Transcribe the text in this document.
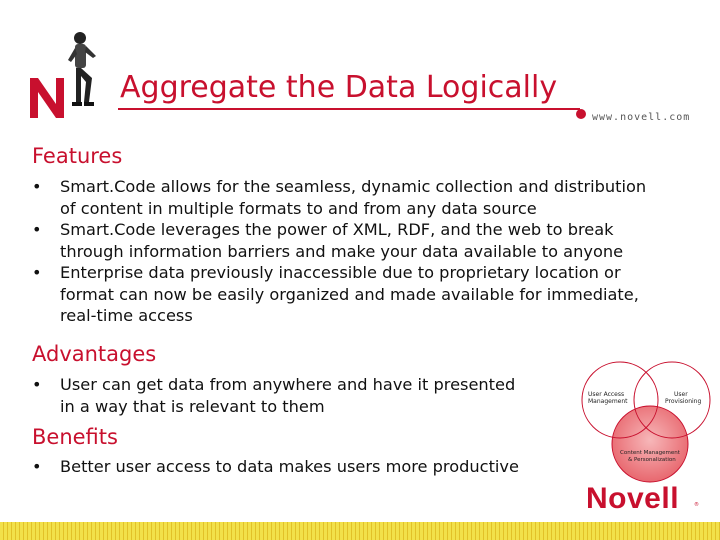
Aggregate the Data Logically
www.novell.com
Features
• Smart.Code allows for the seamless, dynamic collection and distribution of content in multiple formats to and from any data source
• Smart.Code leverages the power of XML, RDF, and the web to break through information barriers and make your data available to anyone
• Enterprise data previously inaccessible due to proprietary location or format can now be easily organized and made available for immediate, real-time access
Advantages
• User can get data from anywhere and have it presented in a way that is relevant to them
Benefits
• Better user access to data makes users more productive
User Access
Management
User
Provisioning
Content Management
& Personalization
Novell	®
